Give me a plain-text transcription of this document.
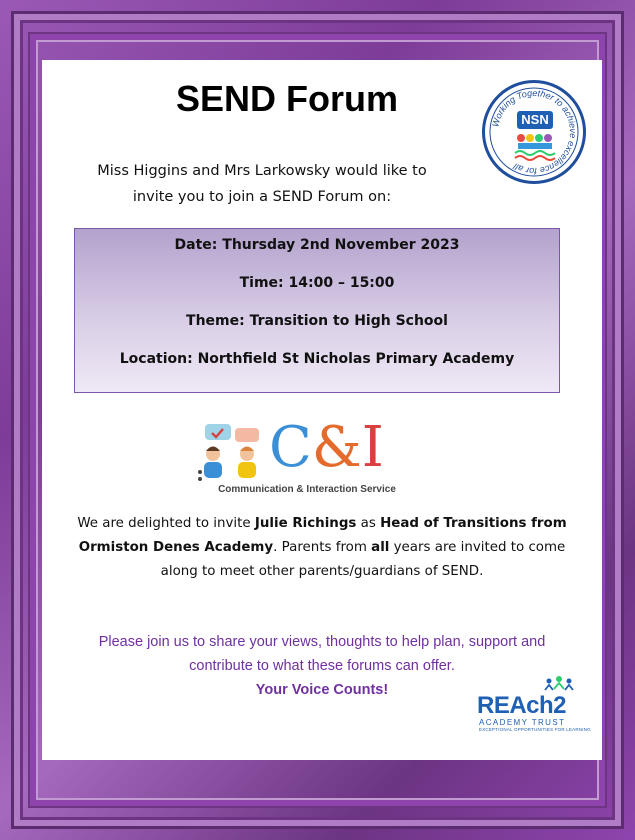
SEND Forum
Miss Higgins and Mrs Larkowsky would like to
invite you to join a SEND Forum on:
Working Together to achieve excellence for all
NSN
Date: Thursday 2nd November 2023
Time: 14:00 – 15:00
Theme: Transition to High School
Location: Northfield St Nicholas Primary Academy
C&I
Communication & Interaction Service
We are delighted to invite Julie Richings as Head of Transitions from Ormiston Denes Academy. Parents from all years are invited to come along to meet other parents/guardians of SEND.
Please join us to share your views, thoughts to help plan, support and contribute to what these forums can offer.
Your Voice Counts!
REAch2
ACADEMY TRUST
EXCEPTIONAL OPPORTUNITIES FOR LEARNING
